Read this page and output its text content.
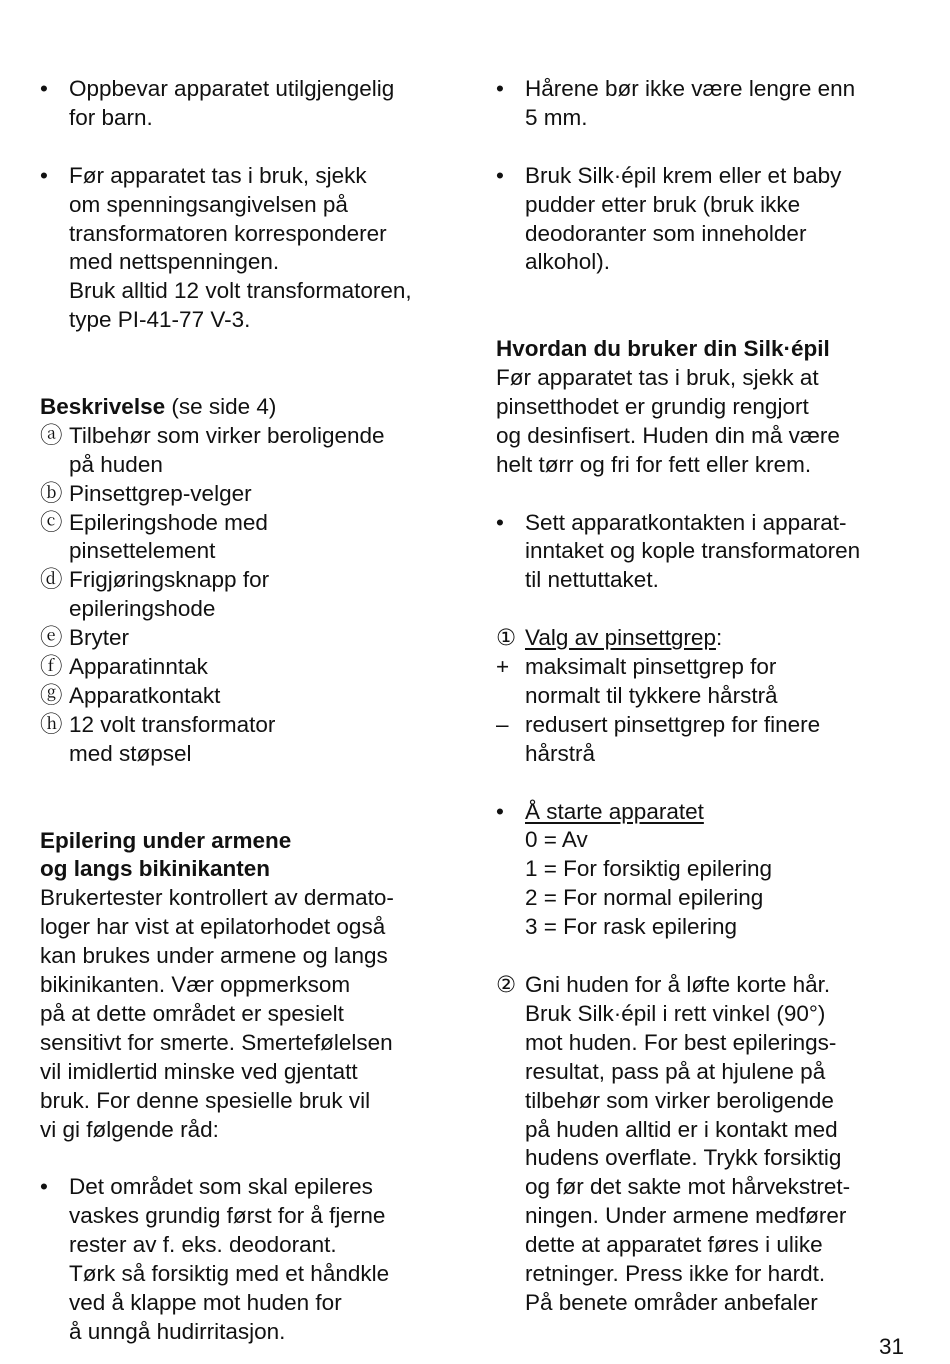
• Oppbevar apparatet utilgjengelig
for barn.
• Før apparatet tas i bruk, sjekk
om spenningsangivelsen på
transformatoren korresponderer
med nettspenningen.
Bruk alltid 12 volt transformatoren,
type PI-41-77 V-3.
Beskrivelse (se side 4)
ⓐ Tilbehør som virker beroligende
på huden
ⓑ Pinsettgrep-velger
ⓒ Epileringshode med
pinsettelement
ⓓ Frigjøringsknapp for
epileringshode
ⓔ Bryter
ⓕ Apparatinntak
ⓖ Apparatkontakt
ⓗ 12 volt transformator
med støpsel
Epilering under armene
og langs bikinikanten
Brukertester kontrollert av dermato-
loger har vist at epilatorhodet også
kan brukes under armene og langs
bikinikanten. Vær oppmerksom
på at dette området er spesielt
sensitivt for smerte. Smertefølelsen
vil imidlertid minske ved gjentatt
bruk. For denne spesielle bruk vil
vi gi følgende råd:
• Det området som skal epileres
vaskes grundig først for å fjerne
rester av f. eks. deodorant.
Tørk så forsiktig med et håndkle
ved å klappe mot huden for
å unngå hudirritasjon.
• Hårene bør ikke være lengre enn
5 mm.
• Bruk Silk·épil krem eller et baby
pudder etter bruk (bruk ikke
deodoranter som inneholder
alkohol).
Hvordan du bruker din Silk·épil
Før apparatet tas i bruk, sjekk at
pinsetthodet er grundig rengjort
og desinfisert. Huden din må være
helt tørr og fri for fett eller krem.
• Sett apparatkontakten i apparat-
inntaket og kople transformatoren
til nettuttaket.
① Valg av pinsettgrep:
+ maksimalt pinsettgrep for
normalt til tykkere hårstrå
– redusert pinsettgrep for finere
hårstrå
• Å starte apparatet
0 = Av
1 = For forsiktig epilering
2 = For normal epilering
3 = For rask epilering
② Gni huden for å løfte korte hår.
Bruk Silk·épil i rett vinkel (90°)
mot huden. For best epilerings-
resultat, pass på at hjulene på
tilbehør som virker beroligende
på huden alltid er i kontakt med
hudens overflate. Trykk forsiktig
og før det sakte mot hårvekstret-
ningen. Under armene medfører
dette at apparatet føres i ulike
retninger. Press ikke for hardt.
På benete områder anbefaler
31
